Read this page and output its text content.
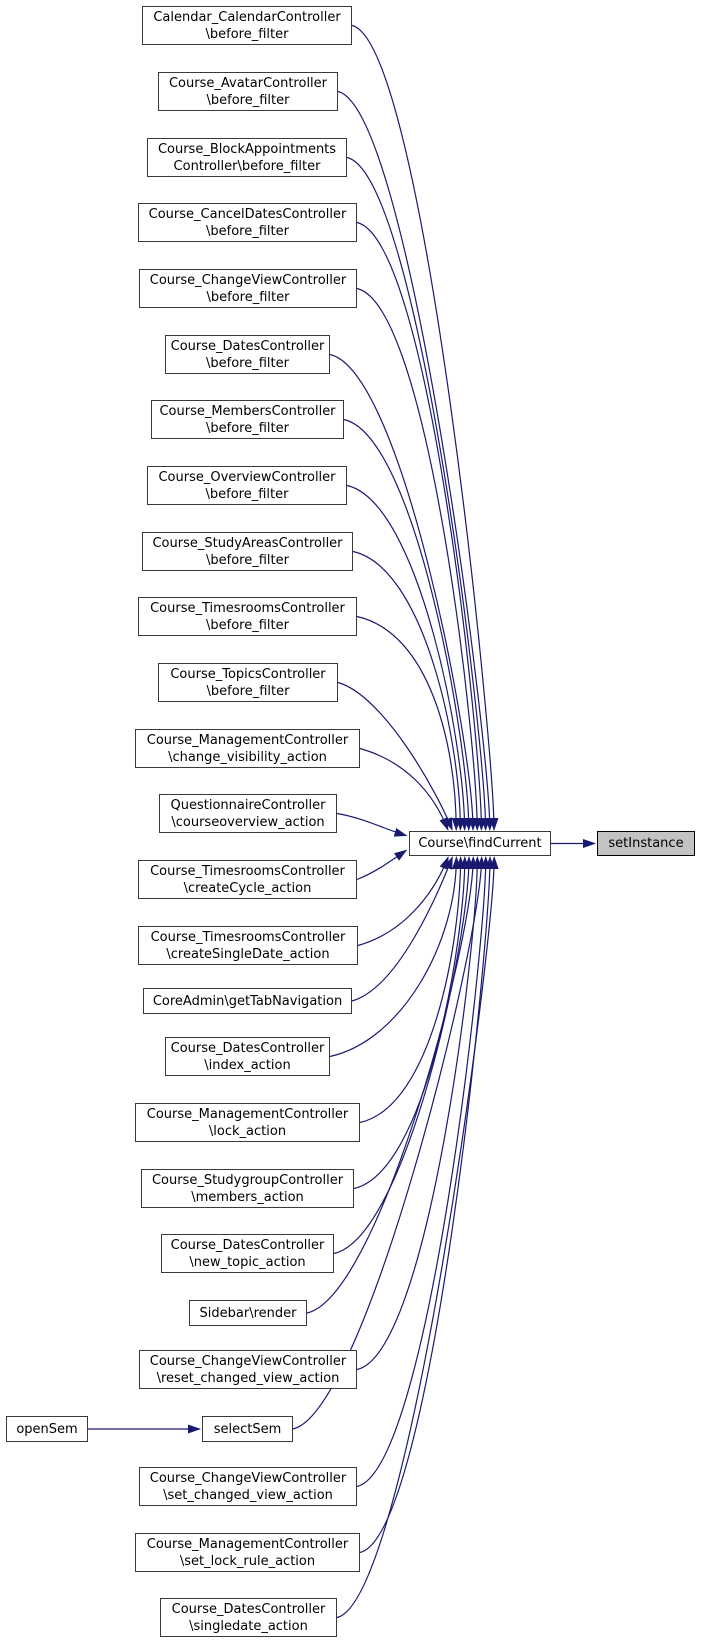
Calendar_CalendarController
\before_filter
Course_AvatarController
\before_filter
Course_BlockAppointments
Controller\before_filter
Course_CancelDatesController
\before_filter
Course_ChangeViewController
\before_filter
Course_DatesController
\before_filter
Course_MembersController
\before_filter
Course_OverviewController
\before_filter
Course_StudyAreasController
\before_filter
Course_TimesroomsController
\before_filter
Course_TopicsController
\before_filter
Course_ManagementController
\change_visibility_action
QuestionnaireController
\courseoverview_action
Course_TimesroomsController
\createCycle_action
Course_TimesroomsController
\createSingleDate_action
CoreAdmin\getTabNavigation
Course_DatesController
\index_action
Course_ManagementController
\lock_action
Course_StudygroupController
\members_action
Course_DatesController
\new_topic_action
Sidebar\render
Course_ChangeViewController
\reset_changed_view_action
selectSem
Course_ChangeViewController
\set_changed_view_action
Course_ManagementController
\set_lock_rule_action
Course_DatesController
\singledate_action
openSem
Course\findCurrent	setInstance
